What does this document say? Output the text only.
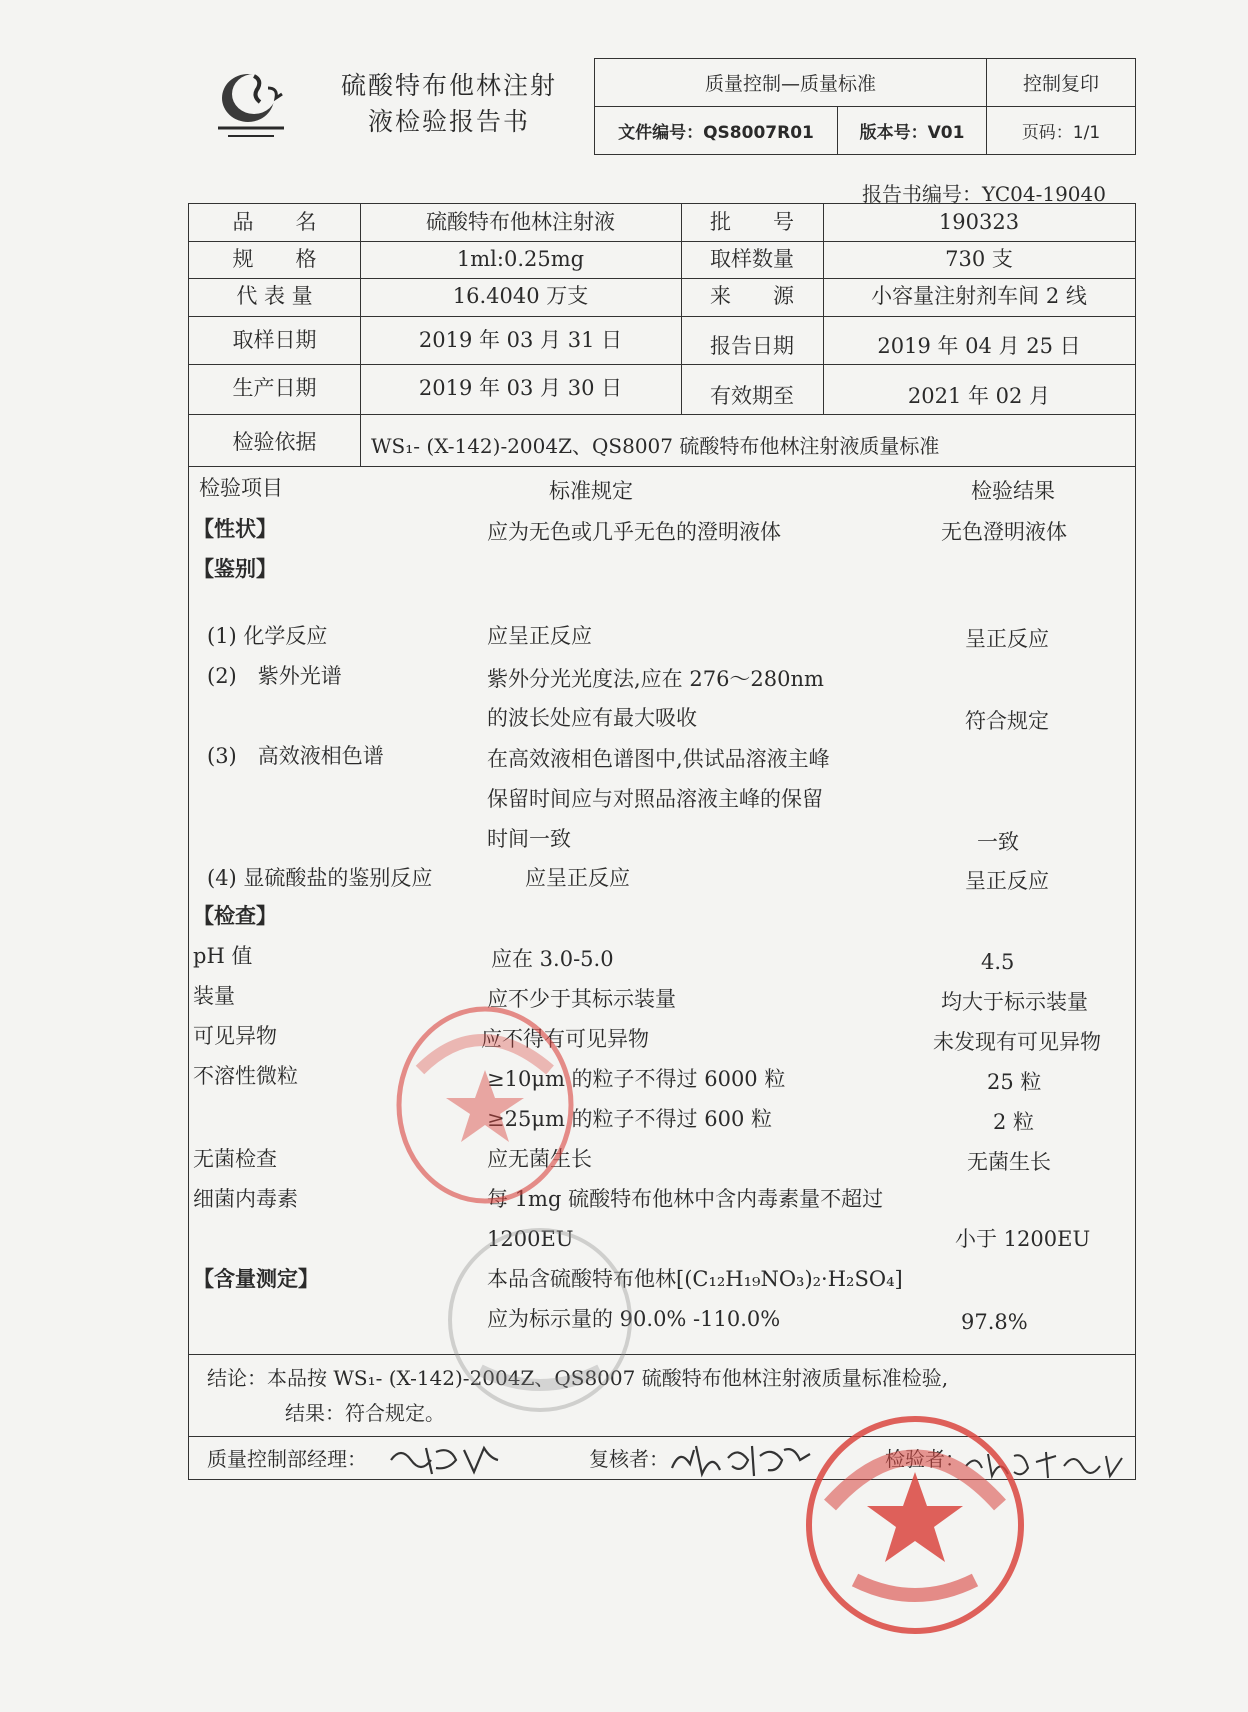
硫酸特布他林注射
液检验报告书
质量控制—质量标准		控制复印
文件编号：QS8007R01	版本号：V01	页码：1/1
报告书编号：YC04-19040
品　　名	硫酸特布他林注射液	批　　号	190323
规　　格	1ml:0.25mg	取样数量	730 支
代 表 量	16.4040 万支	来　　源	小容量注射剂车间 2 线
取样日期	2019 年 03 月 31 日	报告日期	2019 年 04 月 25 日
生产日期	2019 年 03 月 30 日	有效期至	2021 年 02 月
检验依据	WS₁- (X-142)-2004Z、QS8007 硫酸特布他林注射液质量标准
检验项目	标准规定	检验结果
【性状】	应为无色或几乎无色的澄明液体	无色澄明液体
【鉴别】
(1) 化学反应	应呈正反应	呈正反应
(2)　紫外光谱	紫外分光光度法,应在 276～280nm
的波长处应有最大吸收	符合规定
(3)　高效液相色谱	在高效液相色谱图中,供试品溶液主峰
保留时间应与对照品溶液主峰的保留
时间一致	一致
(4) 显硫酸盐的鉴别反应	应呈正反应	呈正反应
【检查】
pH 值	应在 3.0-5.0	4.5
装量	应不少于其标示装量	均大于标示装量
可见异物	应不得有可见异物	未发现有可见异物
不溶性微粒	≥10μm 的粒子不得过 6000 粒	25 粒
≥25μm 的粒子不得过 600 粒	2 粒
无菌检查	应无菌生长	无菌生长
细菌内毒素	每 1mg 硫酸特布他林中含内毒素量不超过
1200EU	小于 1200EU
【含量测定】	本品含硫酸特布他林[(C₁₂H₁₉NO₃)₂·H₂SO₄]
应为标示量的 90.0% -110.0%	97.8%
结论：本品按 WS₁- (X-142)-2004Z、QS8007 硫酸特布他林注射液质量标准检验,
结果：符合规定。
质量控制部经理：	复核者：	检验者：
